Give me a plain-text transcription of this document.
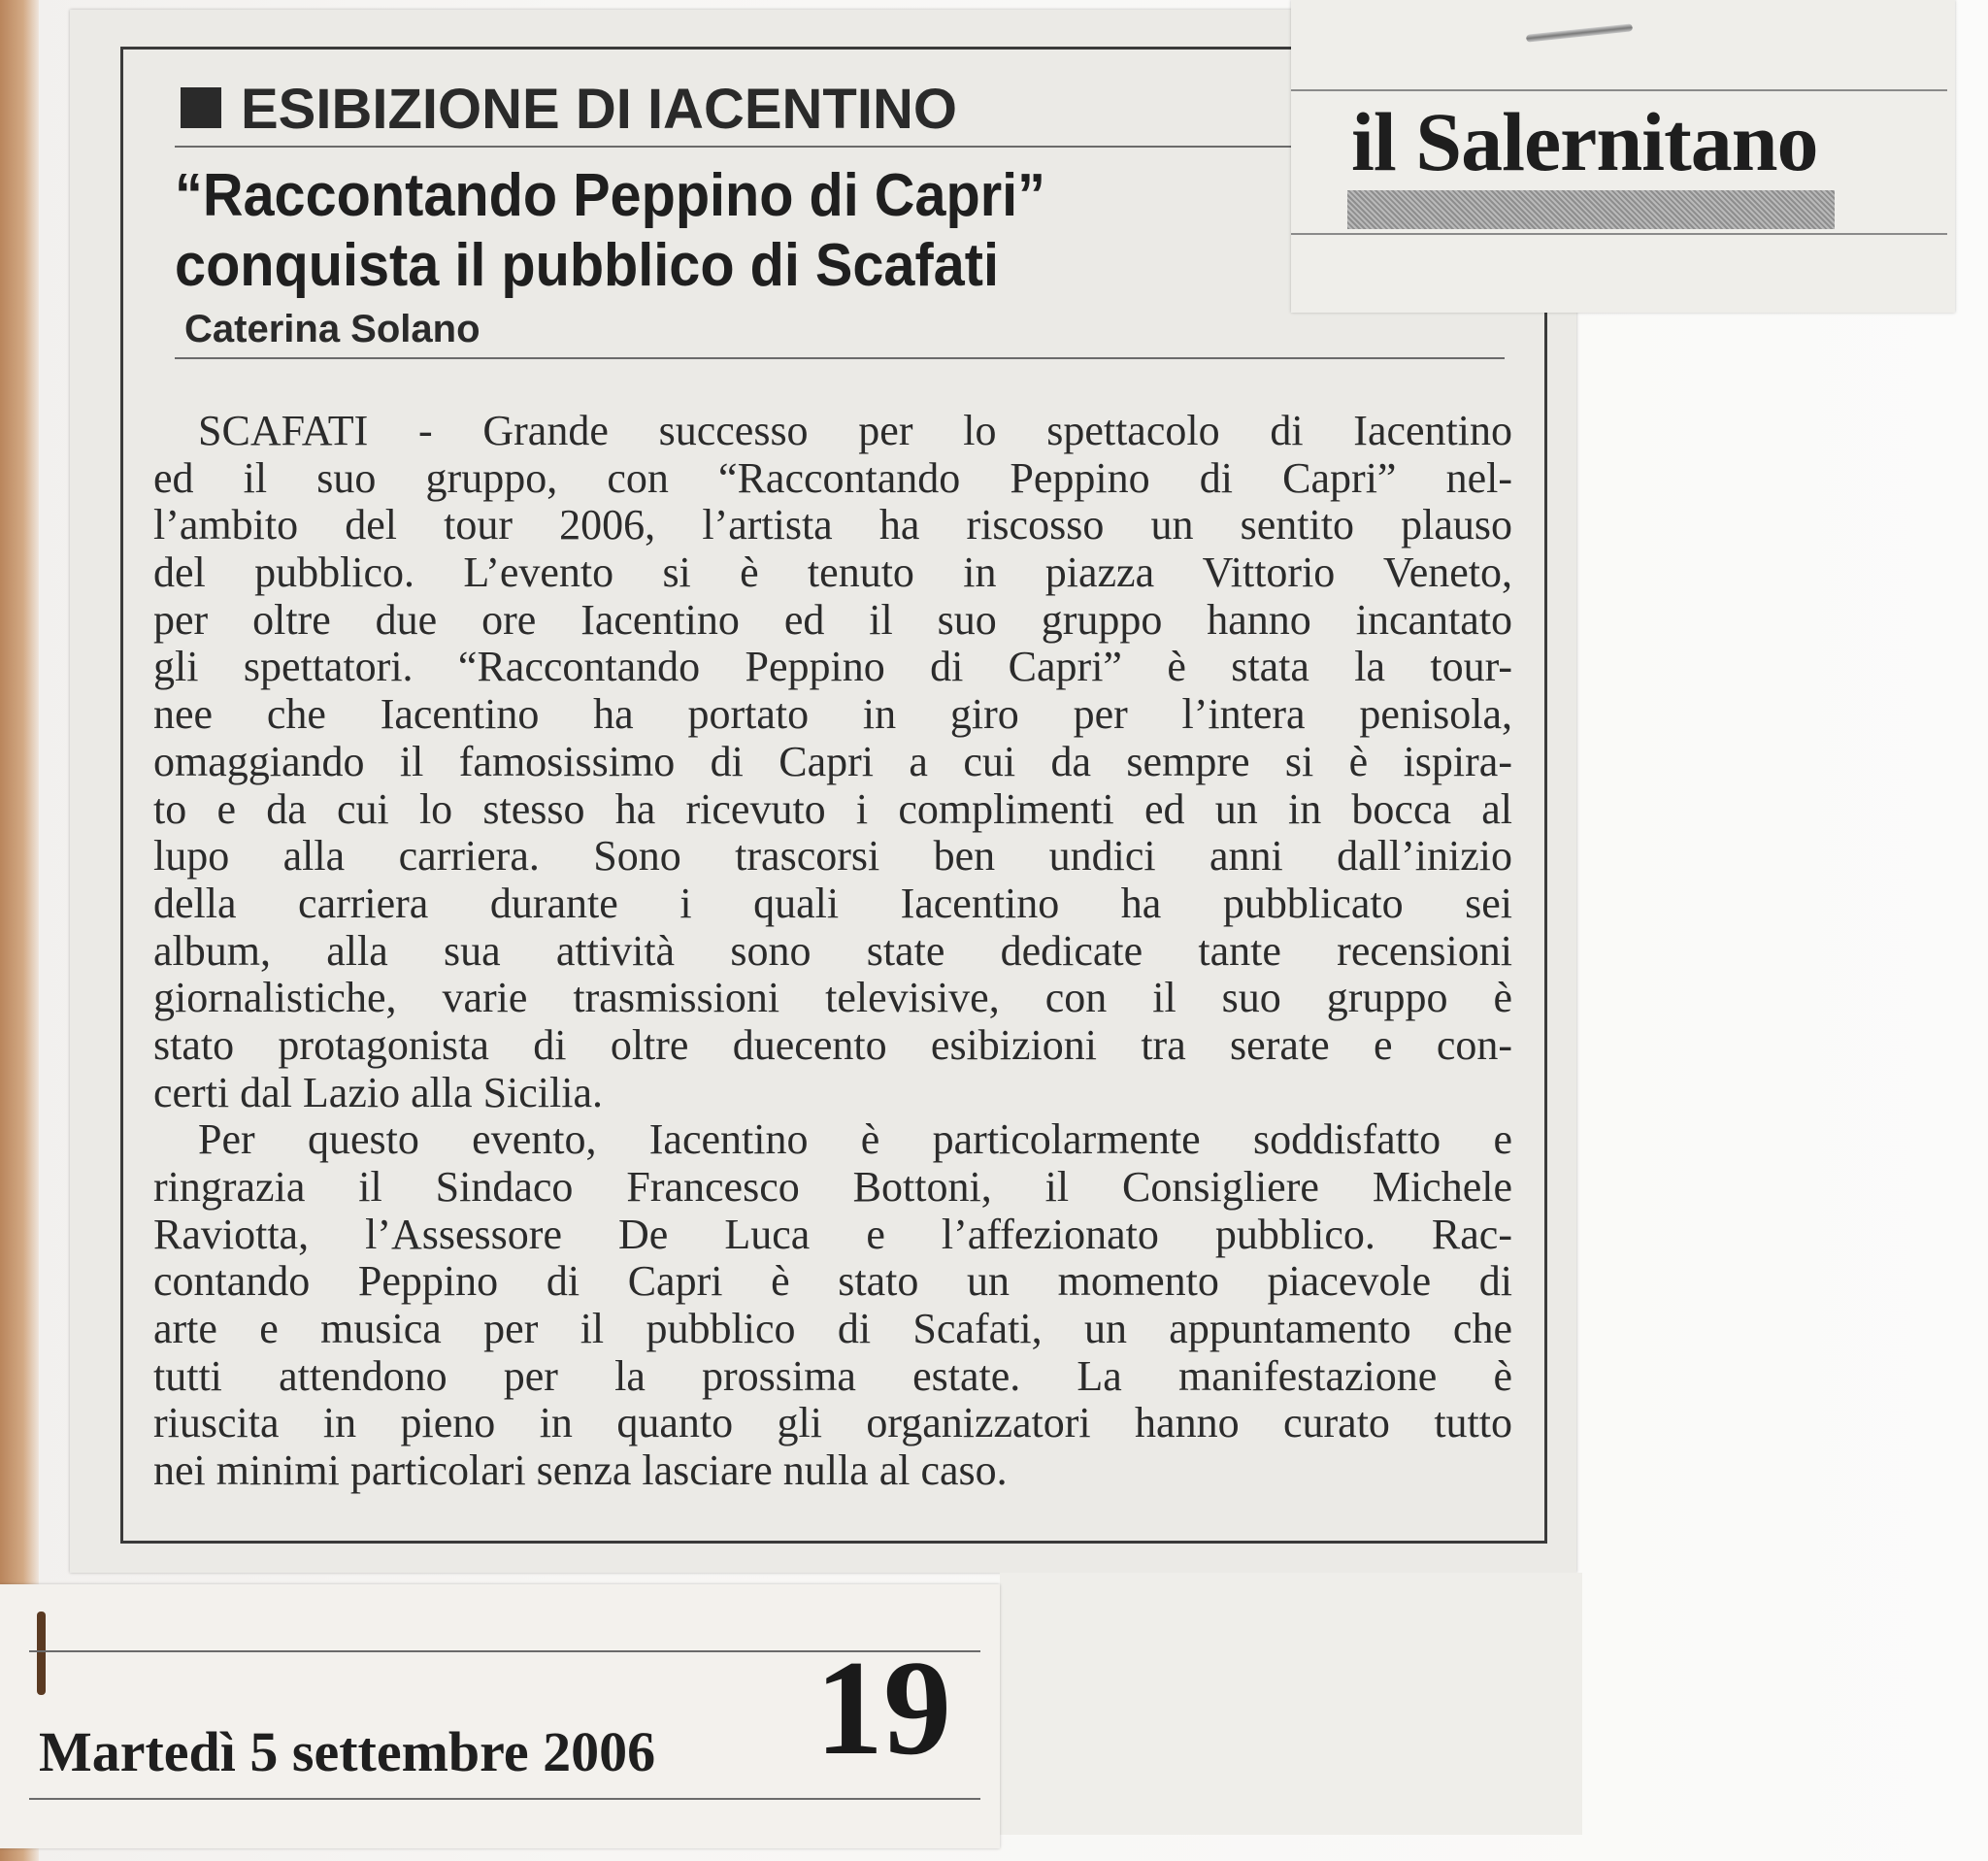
ESIBIZIONE DI IACENTINO
“Raccontando Peppino di Capri”
conquista il pubblico di Scafati
Caterina Solano
SCAFATI - Grande successo per lo spettacolo di Iacentino
ed il suo gruppo, con “Raccontando Peppino di Capri” nel-
l’ambito del tour 2006, l’artista ha riscosso un sentito plauso
del pubblico. L’evento si è tenuto in piazza Vittorio Veneto,
per oltre due ore Iacentino ed il suo gruppo hanno incantato
gli spettatori. “Raccontando Peppino di Capri” è stata la tour-
nee che Iacentino ha portato in giro per l’intera penisola,
omaggiando il famosissimo di Capri a cui da sempre si è ispira-
to e da cui lo stesso ha ricevuto i complimenti ed un in bocca al
lupo alla carriera. Sono trascorsi ben undici anni dall’inizio
della carriera durante i quali Iacentino ha pubblicato sei
album, alla sua attività sono state dedicate tante recensioni
giornalistiche, varie trasmissioni televisive, con il suo gruppo è
stato protagonista di oltre duecento esibizioni tra serate e con-
certi dal Lazio alla Sicilia.
Per questo evento, Iacentino è particolarmente soddisfatto e
ringrazia il Sindaco Francesco Bottoni, il Consigliere Michele
Raviotta, l’Assessore De Luca e l’affezionato pubblico. Rac-
contando Peppino di Capri è stato un momento piacevole di
arte e musica per il pubblico di Scafati, un appuntamento che
tutti attendono per la prossima estate. La manifestazione è
riuscita in pieno in quanto gli organizzatori hanno curato tutto
nei minimi particolari senza lasciare nulla al caso.
il Salernitano
Martedì 5 settembre 2006	19
